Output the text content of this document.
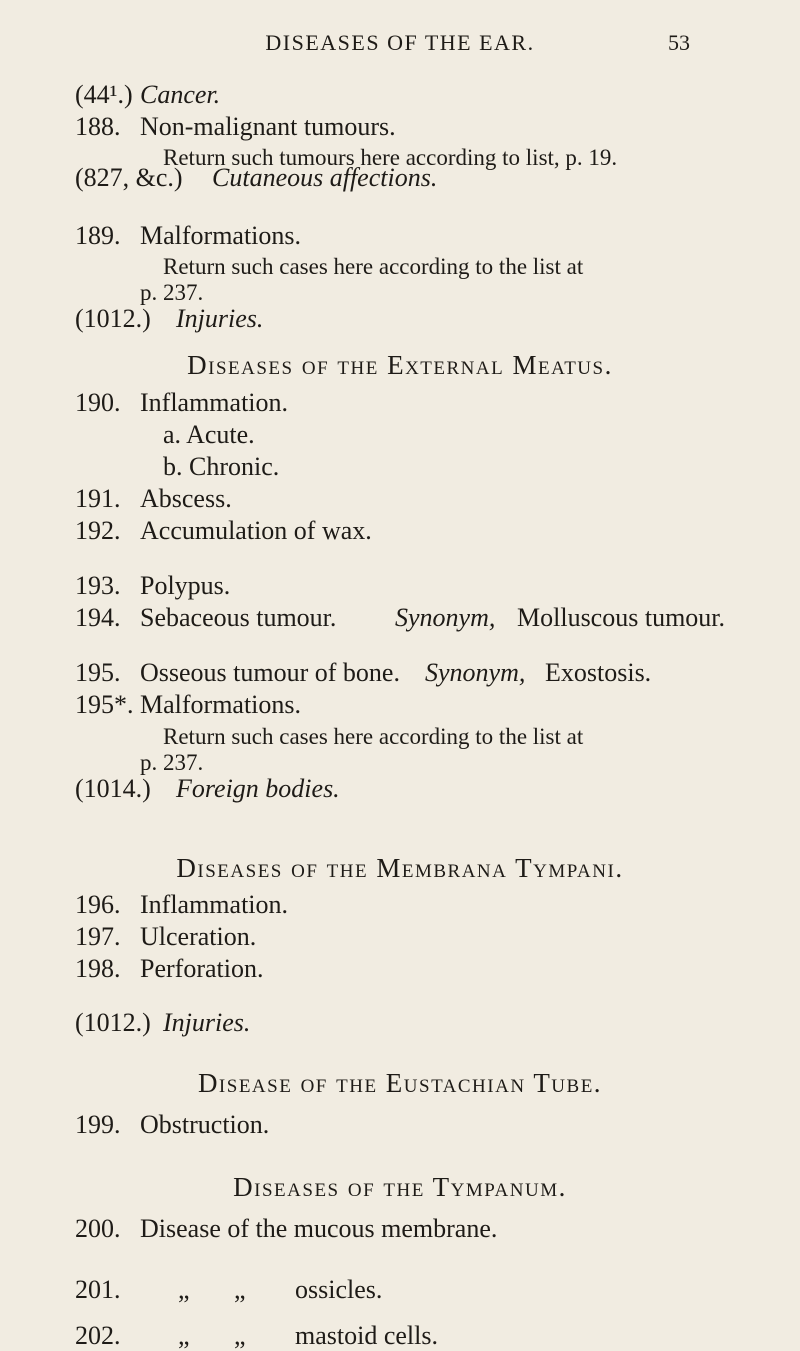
DISEASES OF THE EAR.	53
(44¹.) Cancer.
188. Non-malignant tumours.
Return such tumours here according to list, p. 19.
(827, &c.) Cutaneous affections.
189. Malformations.
Return such cases here according to the list at
p. 237.
(1012.) Injuries.
Diseases of the External Meatus.
190. Inflammation.
a. Acute.
b. Chronic.
191. Abscess.
192. Accumulation of wax.
193. Polypus.
194. Sebaceous tumour. Synonym, Molluscous tumour.
195. Osseous tumour of bone. Synonym, Exostosis.
195*. Malformations.
Return such cases here according to the list at
p. 237.
(1014.) Foreign bodies.
Diseases of the Membrana Tympani.
196. Inflammation.
197. Ulceration.
198. Perforation.
(1012.) Injuries.
Disease of the Eustachian Tube.
199. Obstruction.
Diseases of the Tympanum.
200. Disease of the mucous membrane.
201. „ „ ossicles.
202. „ „ mastoid cells.
